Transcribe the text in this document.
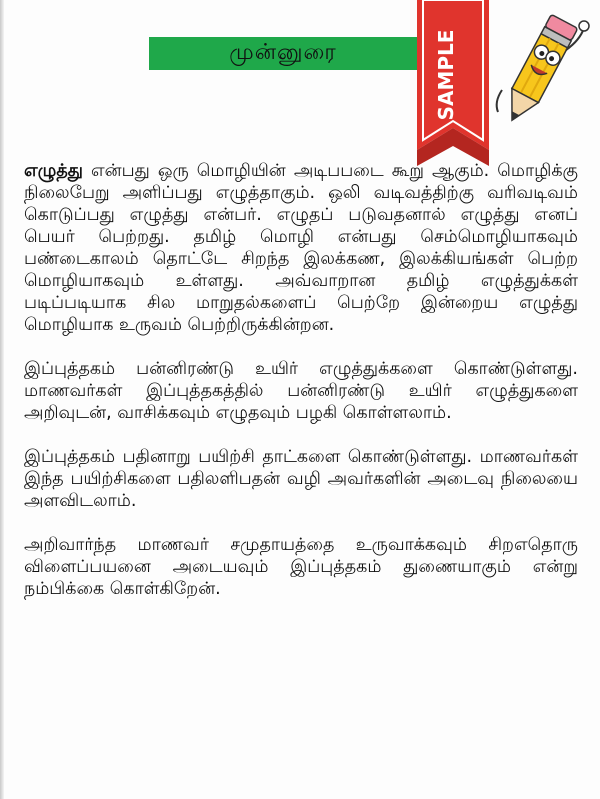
முன்னுரை	SAMPLE

எழுத்து என்பது ஒரு மொழியின் அடிபபடை கூறு ஆகும். மொழிக்கு நிலைபேறு அளிப்பது எழுத்தாகும். ஒலி வடிவத்திற்கு வரிவடிவம் கொடுப்பது எழுத்து என்பர். எழுதப் படுவதனால் எழுத்து எனப் பெயர் பெற்றது. தமிழ் மொழி என்பது செம்மொழியாகவும் பண்டைகாலம் தொட்டே சிறந்த இலக்கண, இலக்கியங்கள் பெற்ற மொழியாகவும் உள்ளது. அவ்வாறான தமிழ் எழுத்துக்கள் படிப்படியாக சில மாறுதல்களைப் பெற்றே இன்றைய எழுத்து மொழியாக உருவம் பெற்றிருக்கின்றன.

இப்புத்தகம் பன்னிரண்டு உயிர் எழுத்துக்களை கொண்டுள்ளது. மாணவர்கள் இப்புத்தகத்தில் பன்னிரண்டு உயிர் எழுத்துகளை அறிவுடன், வாசிக்கவும் எழுதவும் பழகி கொள்ளலாம்.

இப்புத்தகம் பதினாறு பயிற்சி தாட்களை கொண்டுள்ளது. மாணவர்கள் இந்த பயிற்சிகளை பதிலளிபதன் வழி அவர்களின் அடைவு நிலையை அளவிடலாம்.

அறிவார்ந்த மாணவர் சமுதாயத்தை உருவாக்கவும் சிறஎதொரு விளைப்பயனை அடையவும் இப்புத்தகம் துணையாகும் என்று நம்பிக்கை கொள்கிறேன்.
